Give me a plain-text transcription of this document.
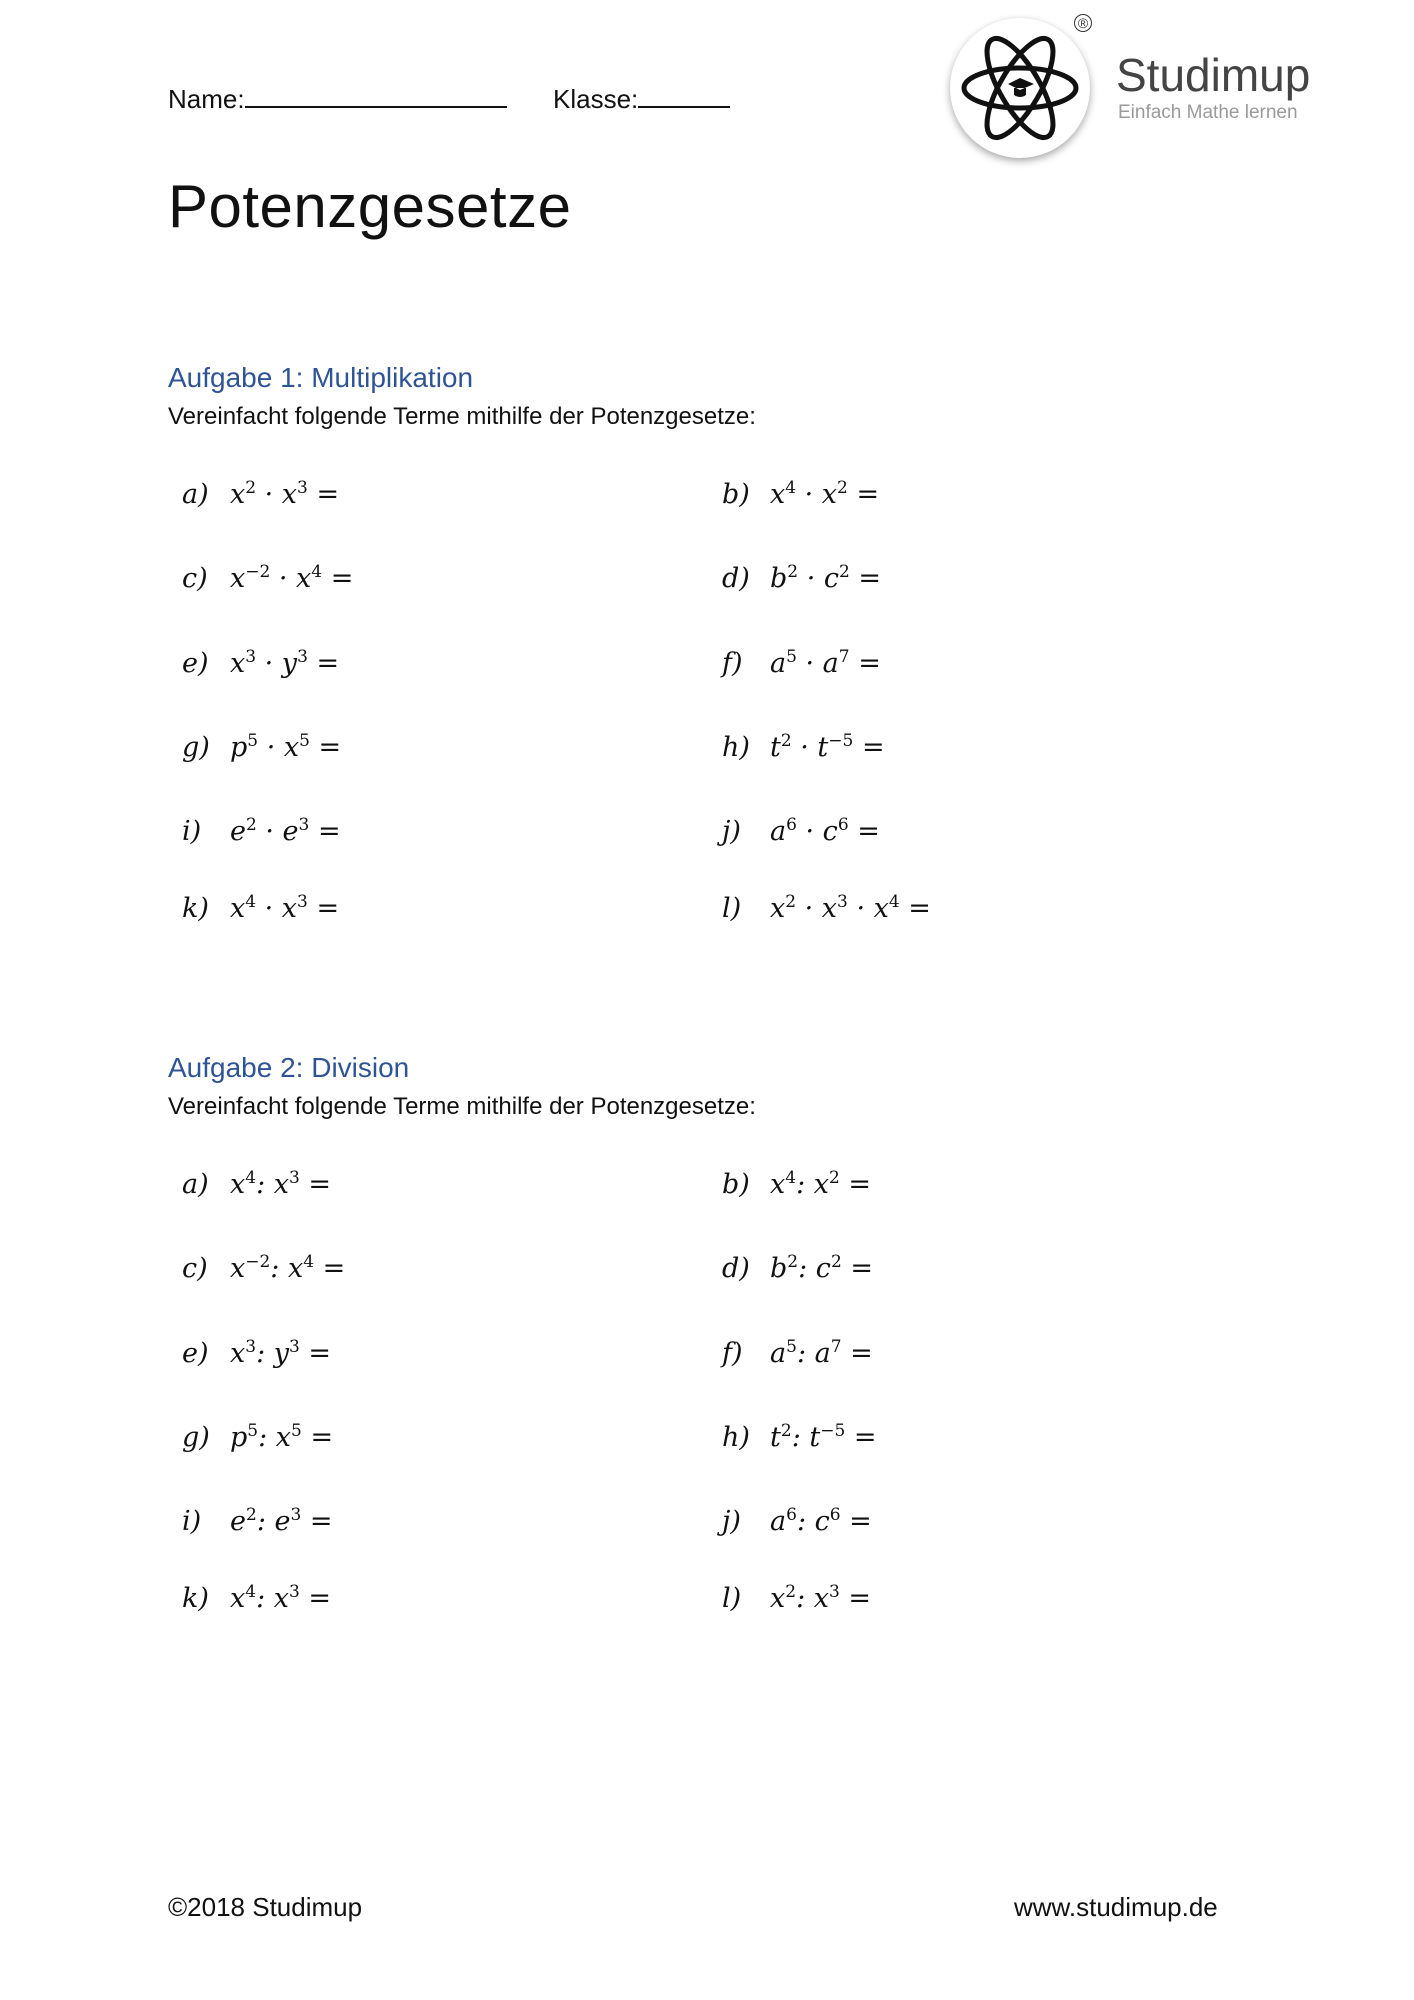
Name:	Klasse:
®
Studimup
Einfach Mathe lernen
Potenzgesetze
Aufgabe 1: Multiplikation
Vereinfacht folgende Terme mithilfe der Potenzgesetze:
a) $x^2 \cdot x^3$ =	b) $x^4 \cdot x^2$ =
c) $x^{-2} \cdot x^4$ =	d) $b^2 \cdot c^2$ =
e) $x^3 \cdot y^3$ =	f) $a^5 \cdot a^7$ =
g) $p^5 \cdot x^5$ =	h) $t^2 \cdot t^{-5}$ =
i) $e^2 \cdot e^3$ =	j) $a^6 \cdot c^6$ =
k) $x^4 \cdot x^3$ =	l) $x^2 \cdot x^3 \cdot x^4$ =
Aufgabe 2: Division
Vereinfacht folgende Terme mithilfe der Potenzgesetze:
a) $x^4$: $x^3$ =	b) $x^4$: $x^2$ =
c) $x^{-2}$: $x^4$ =	d) $b^2$: $c^2$ =
e) $x^3$: $y^3$ =	f) $a^5$: $a^7$ =
g) $p^5$: $x^5$ =	h) $t^2$: $t^{-5}$ =
i) $e^2$: $e^3$ =	j) $a^6$: $c^6$ =
k) $x^4$: $x^3$ =	l) $x^2$: $x^3$ =
©2018 Studimup	www.studimup.de
